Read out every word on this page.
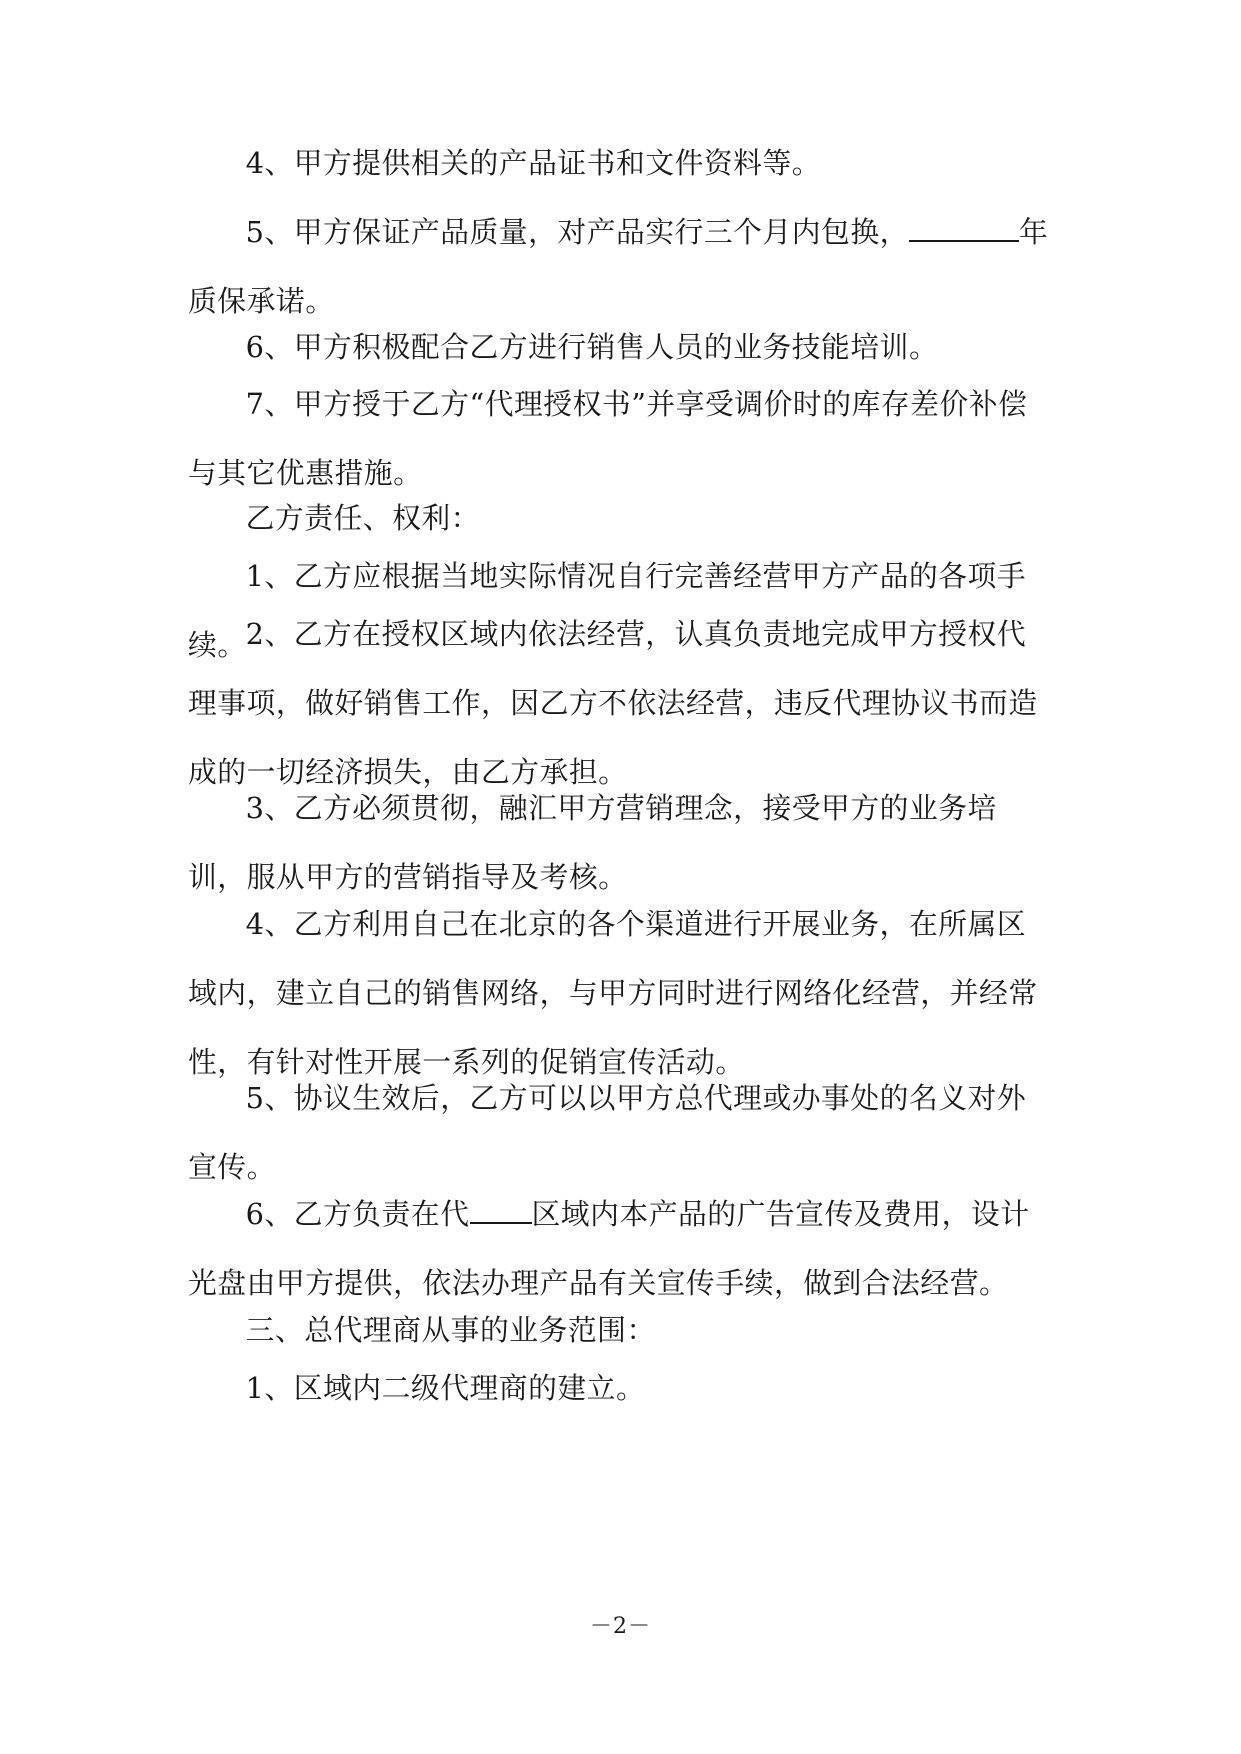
4、甲方提供相关的产品证书和文件资料等。

5、甲方保证产品质量，对产品实行三个月内包换，	年质保承诺。

6、甲方积极配合乙方进行销售人员的业务技能培训。

7、甲方授于乙方“代理授权书”并享受调价时的库存差价补偿与其它优惠措施。

乙方责任、权利：

1、乙方应根据当地实际情况自行完善经营甲方产品的各项手续。

2、乙方在授权区域内依法经营，认真负责地完成甲方授权代理事项，做好销售工作，因乙方不依法经营，违反代理协议书而造成的一切经济损失，由乙方承担。

3、乙方必须贯彻，融汇甲方营销理念，接受甲方的业务培训，服从甲方的营销指导及考核。

4、乙方利用自己在北京的各个渠道进行开展业务，在所属区域内，建立自己的销售网络，与甲方同时进行网络化经营，并经常性，有针对性开展一系列的促销宣传活动。

5、协议生效后，乙方可以以甲方总代理或办事处的名义对外宣传。

6、乙方负责在代 区域内本产品的广告宣传及费用，设计光盘由甲方提供，依法办理产品有关宣传手续，做到合法经营。

三、总代理商从事的业务范围：

1、区域内二级代理商的建立。

－2－
